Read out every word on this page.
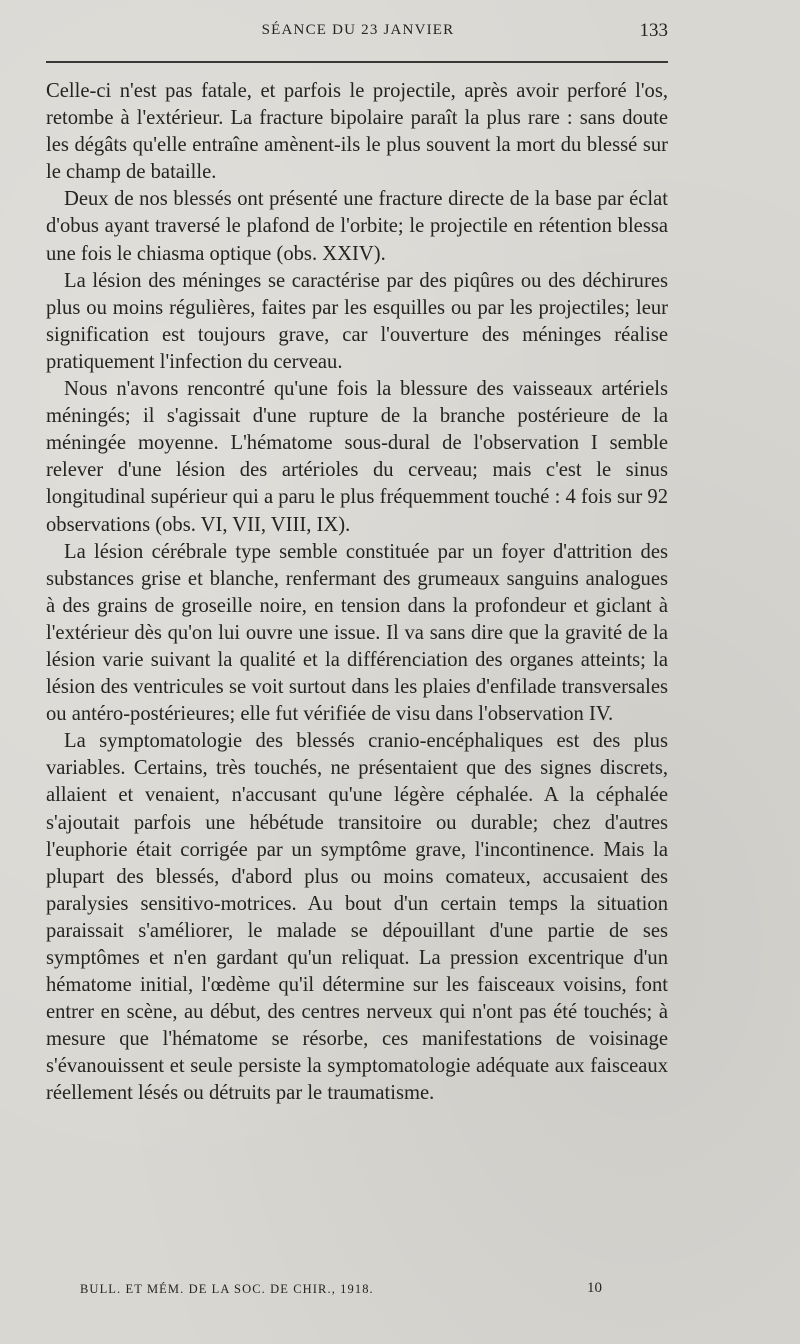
SÉANCE DU 23 JANVIER	133

Celle-ci n'est pas fatale, et parfois le projectile, après avoir perforé l'os, retombe à l'extérieur. La fracture bipolaire paraît la plus rare : sans doute les dégâts qu'elle entraîne amènent-ils le plus souvent la mort du blessé sur le champ de bataille.

Deux de nos blessés ont présenté une fracture directe de la base par éclat d'obus ayant traversé le plafond de l'orbite; le projectile en rétention blessa une fois le chiasma optique (obs. XXIV).

La lésion des méninges se caractérise par des piqûres ou des déchirures plus ou moins régulières, faites par les esquilles ou par les projectiles; leur signification est toujours grave, car l'ouverture des méninges réalise pratiquement l'infection du cerveau.

Nous n'avons rencontré qu'une fois la blessure des vaisseaux artériels méningés; il s'agissait d'une rupture de la branche postérieure de la méningée moyenne. L'hématome sous-dural de l'observation I semble relever d'une lésion des artérioles du cerveau; mais c'est le sinus longitudinal supérieur qui a paru le plus fréquemment touché : 4 fois sur 92 observations (obs. VI, VII, VIII, IX).

La lésion cérébrale type semble constituée par un foyer d'attrition des substances grise et blanche, renfermant des grumeaux sanguins analogues à des grains de groseille noire, en tension dans la profondeur et giclant à l'extérieur dès qu'on lui ouvre une issue. Il va sans dire que la gravité de la lésion varie suivant la qualité et la différenciation des organes atteints; la lésion des ventricules se voit surtout dans les plaies d'enfilade transversales ou antéro-postérieures; elle fut vérifiée de visu dans l'observation IV.

La symptomatologie des blessés cranio-encéphaliques est des plus variables. Certains, très touchés, ne présentaient que des signes discrets, allaient et venaient, n'accusant qu'une légère céphalée. A la céphalée s'ajoutait parfois une hébétude transitoire ou durable; chez d'autres l'euphorie était corrigée par un symptôme grave, l'incontinence. Mais la plupart des blessés, d'abord plus ou moins comateux, accusaient des paralysies sensitivo-motrices. Au bout d'un certain temps la situation paraissait s'améliorer, le malade se dépouillant d'une partie de ses symptômes et n'en gardant qu'un reliquat. La pression excentrique d'un hématome initial, l'œdème qu'il détermine sur les faisceaux voisins, font entrer en scène, au début, des centres nerveux qui n'ont pas été touchés; à mesure que l'hématome se résorbe, ces manifestations de voisinage s'évanouissent et seule persiste la symptomatologie adéquate aux faisceaux réellement lésés ou détruits par le traumatisme.

BULL. ET MÉM. DE LA SOC. DE CHIR., 1918.	10
